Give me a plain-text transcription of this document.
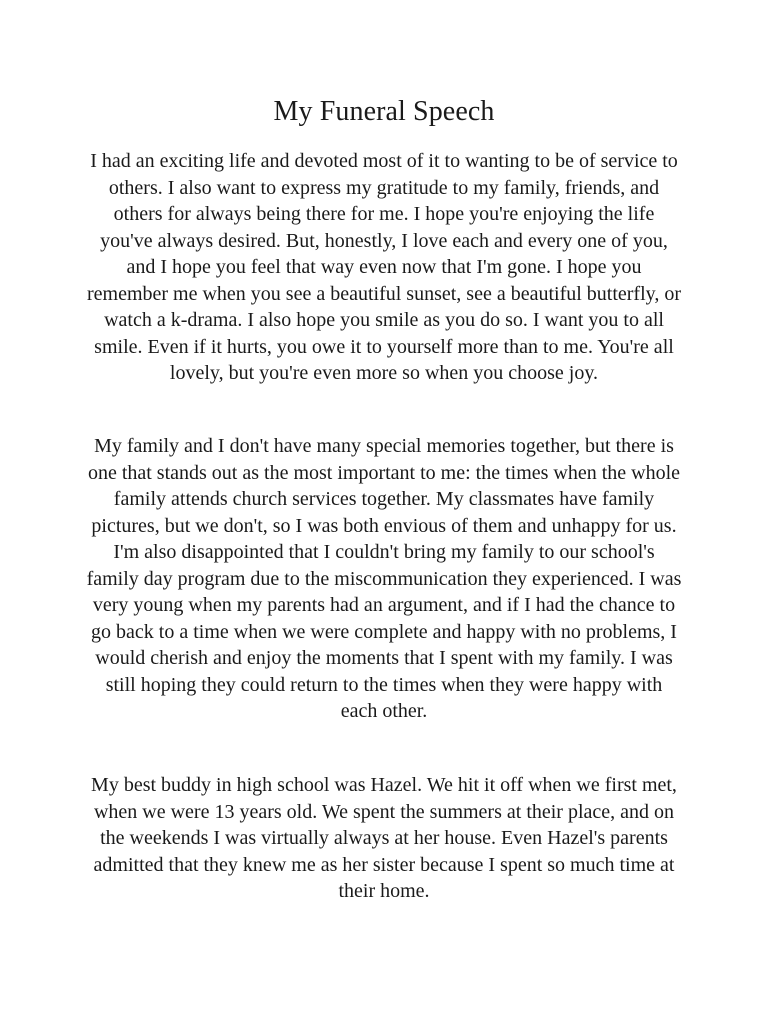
My Funeral Speech

I had an exciting life and devoted most of it to wanting to be of service to others. I also want to express my gratitude to my family, friends, and others for always being there for me. I hope you're enjoying the life you've always desired. But, honestly, I love each and every one of you, and I hope you feel that way even now that I'm gone. I hope you remember me when you see a beautiful sunset, see a beautiful butterfly, or watch a k-drama. I also hope you smile as you do so. I want you to all smile. Even if it hurts, you owe it to yourself more than to me. You're all lovely, but you're even more so when you choose joy.

My family and I don't have many special memories together, but there is one that stands out as the most important to me: the times when the whole family attends church services together. My classmates have family pictures, but we don't, so I was both envious of them and unhappy for us. I'm also disappointed that I couldn't bring my family to our school's family day program due to the miscommunication they experienced. I was very young when my parents had an argument, and if I had the chance to go back to a time when we were complete and happy with no problems, I would cherish and enjoy the moments that I spent with my family. I was still hoping they could return to the times when they were happy with each other.

My best buddy in high school was Hazel. We hit it off when we first met, when we were 13 years old. We spent the summers at their place, and on the weekends I was virtually always at her house. Even Hazel's parents admitted that they knew me as her sister because I spent so much time at their home.
